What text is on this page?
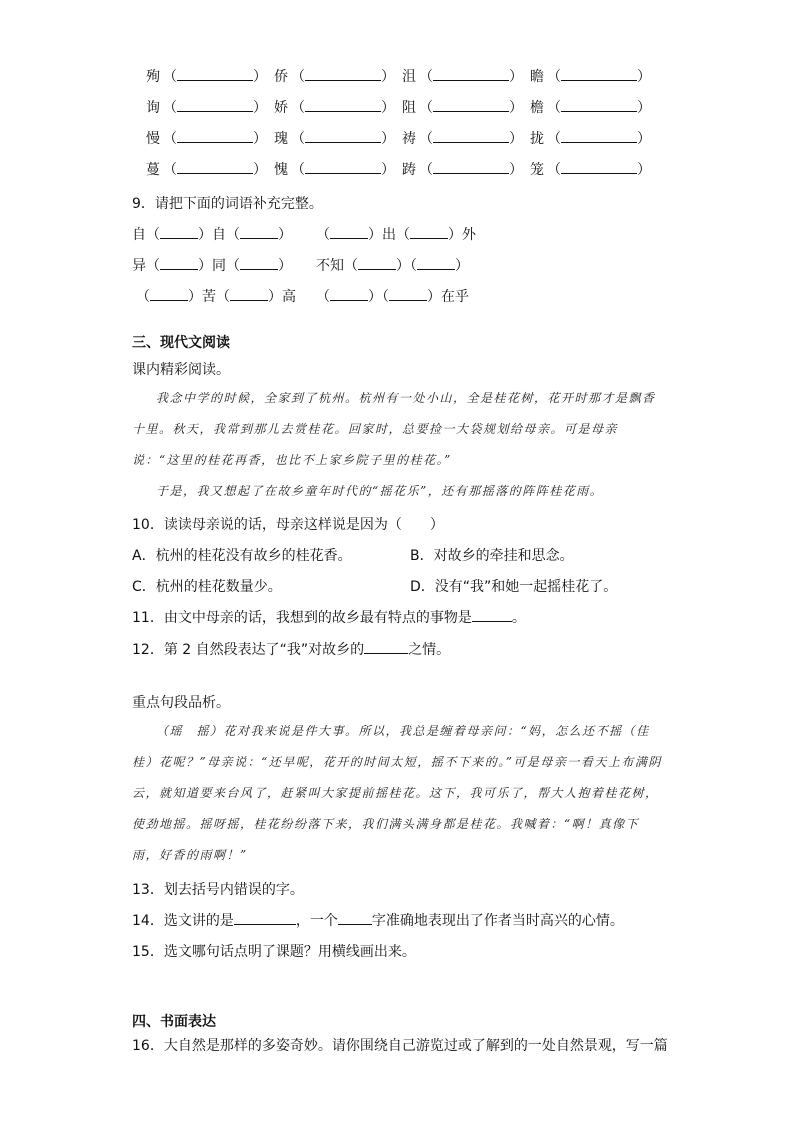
殉 （	） 侨 （	） 沮 （	） 瞻 （	）
询 （	） 娇 （	） 阻 （	） 檐 （	）
慢 （	） 瑰 （	） 祷 （	） 拢 （	）
蔓 （	） 愧 （	） 踌 （	） 笼 （	）
9．请把下面的词语补充完整。
自（	）自（	） （	）出（	）外
异（	）同（	） 不知（	）（	）
（	）苦（	）高 （	）（	）在乎
三、现代文阅读
课内精彩阅读。

我念中学的时候，全家到了杭州。杭州有一处小山，全是桂花树，花开时那才是飘香十里。秋天，我常到那儿去赏桂花。回家时，总要捡一大袋规划给母亲。可是母亲说：“这里的桂花再香，也比不上家乡院子里的桂花。”

于是，我又想起了在故乡童年时代的“摇花乐”，还有那摇落的阵阵桂花雨。

10．读读母亲说的话，母亲这样说是因为（　　）
A．杭州的桂花没有故乡的桂花香。	B．对故乡的牵挂和思念。
C．杭州的桂花数量少。	D．没有“我”和她一起摇桂花了。
11．由文中母亲的话，我想到的故乡最有特点的事物是	。
12．第 2 自然段表达了“我”对故乡的	之情。
重点句段品析。

（瑶　摇）花对我来说是件大事。所以，我总是缠着母亲问：“妈，怎么还不摇（佳　桂）花呢？”母亲说：“还早呢，花开的时间太短，摇不下来的。”可是母亲一看天上布满阴云，就知道要来台风了，赶紧叫大家提前摇桂花。这下，我可乐了，帮大人抱着桂花树，使劲地摇。摇呀摇，桂花纷纷落下来，我们满头满身都是桂花。我喊着：“啊！真像下雨，好香的雨啊！”

13．划去括号内错误的字。
14．选文讲的是	，一个 字准确地表现出了作者当时高兴的心情。
15．选文哪句话点明了课题？用横线画出来。
四、书面表达
16．大自然是那样的多姿奇妙。请你围绕自己游览过或了解到的一处自然景观，写一篇
